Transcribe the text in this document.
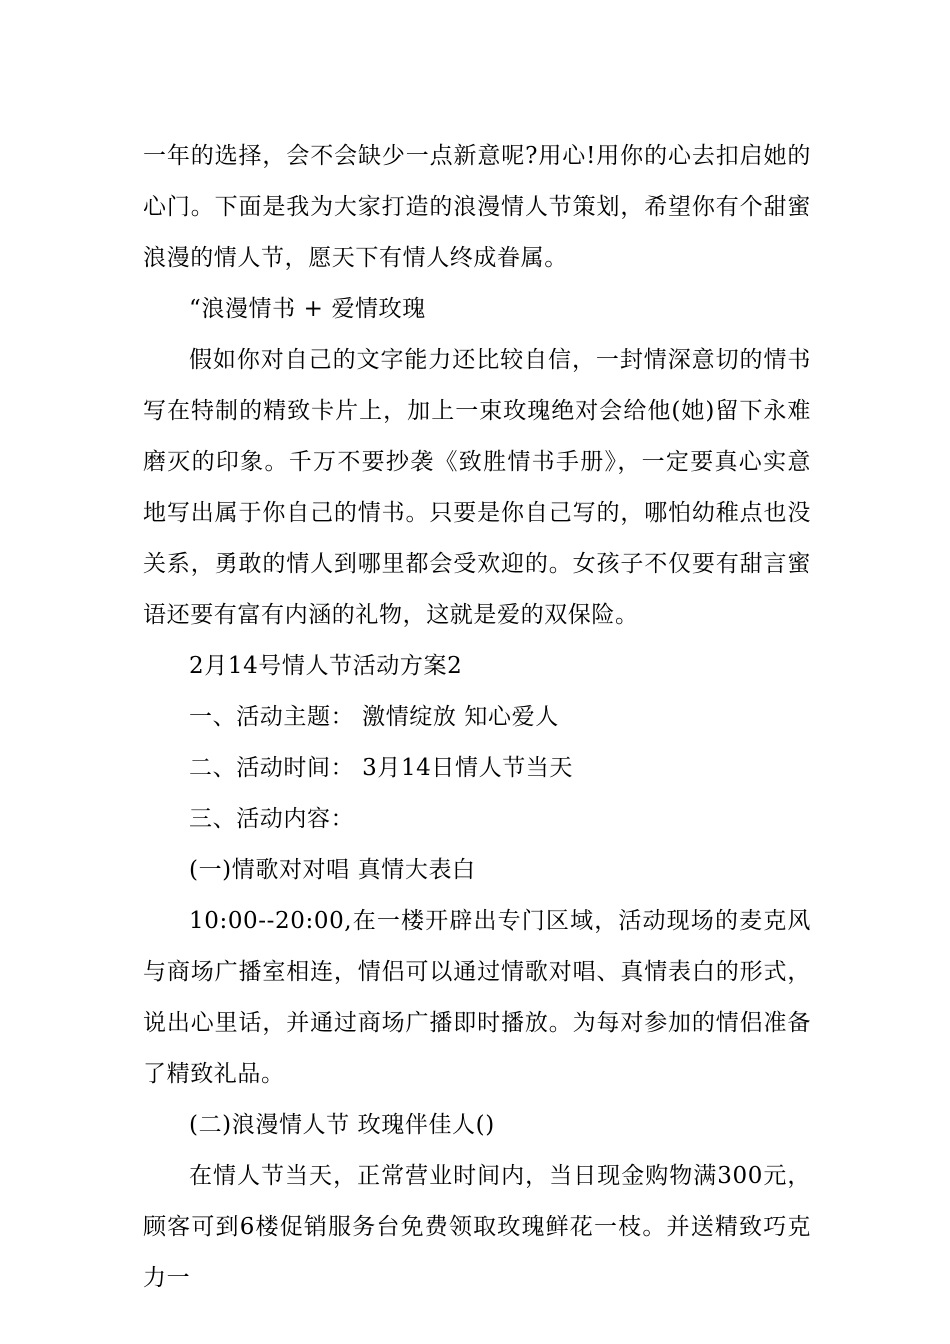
一年的选择，会不会缺少一点新意呢?用心!用你的心去扣启她的心门。下面是我为大家打造的浪漫情人节策划，希望你有个甜蜜浪漫的情人节，愿天下有情人终成眷属。

“浪漫情书 + 爱情玫瑰

假如你对自己的文字能力还比较自信，一封情深意切的情书写在特制的精致卡片上，加上一束玫瑰绝对会给他(她)留下永难磨灭的印象。千万不要抄袭《致胜情书手册》，一定要真心实意地写出属于你自己的情书。只要是你自己写的，哪怕幼稚点也没关系，勇敢的情人到哪里都会受欢迎的。女孩子不仅要有甜言蜜语还要有富有内涵的礼物，这就是爱的双保险。

2月14号情人节活动方案2

一、活动主题： 激情绽放 知心爱人

二、活动时间： 3月14日情人节当天

三、活动内容：

(一)情歌对对唱 真情大表白

10:00--20:00,在一楼开辟出专门区域，活动现场的麦克风与商场广播室相连，情侣可以通过情歌对唱、真情表白的形式，说出心里话，并通过商场广播即时播放。为每对参加的情侣准备了精致礼品。

(二)浪漫情人节 玫瑰伴佳人()

在情人节当天，正常营业时间内，当日现金购物满300元，顾客可到6楼促销服务台免费领取玫瑰鲜花一枝。并送精致巧克力一
